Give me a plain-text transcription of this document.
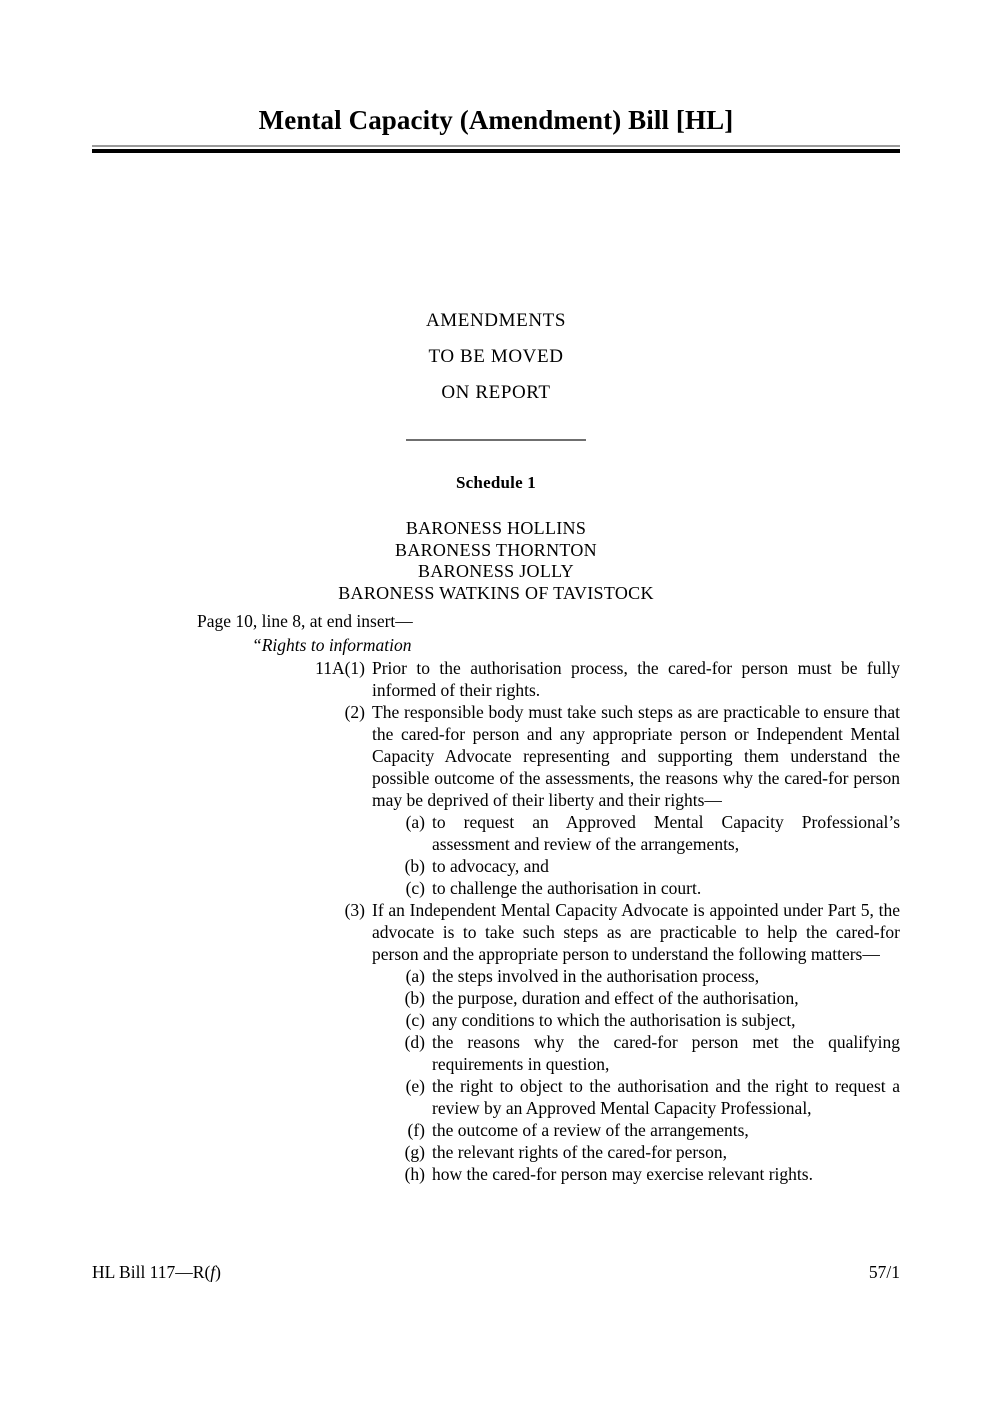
Mental Capacity (Amendment) Bill [HL]
AMENDMENTS
TO BE MOVED
ON REPORT
Schedule 1
BARONESS HOLLINS
BARONESS THORNTON
BARONESS JOLLY
BARONESS WATKINS OF TAVISTOCK
Page 10, line 8, at end insert—
“Rights to information
11A(1) Prior to the authorisation process, the cared-for person must be fully informed of their rights.
(2) The responsible body must take such steps as are practicable to ensure that the cared-for person and any appropriate person or Independent Mental Capacity Advocate representing and supporting them understand the possible outcome of the assessments, the reasons why the cared-for person may be deprived of their liberty and their rights—
(a) to request an Approved Mental Capacity Professional’s assessment and review of the arrangements,
(b) to advocacy, and
(c) to challenge the authorisation in court.
(3) If an Independent Mental Capacity Advocate is appointed under Part 5, the advocate is to take such steps as are practicable to help the cared-for person and the appropriate person to understand the following matters—
(a) the steps involved in the authorisation process,
(b) the purpose, duration and effect of the authorisation,
(c) any conditions to which the authorisation is subject,
(d) the reasons why the cared-for person met the qualifying requirements in question,
(e) the right to object to the authorisation and the right to request a review by an Approved Mental Capacity Professional,
(f) the outcome of a review of the arrangements,
(g) the relevant rights of the cared-for person,
(h) how the cared-for person may exercise relevant rights.
HL Bill 117—R(f)	57/1
